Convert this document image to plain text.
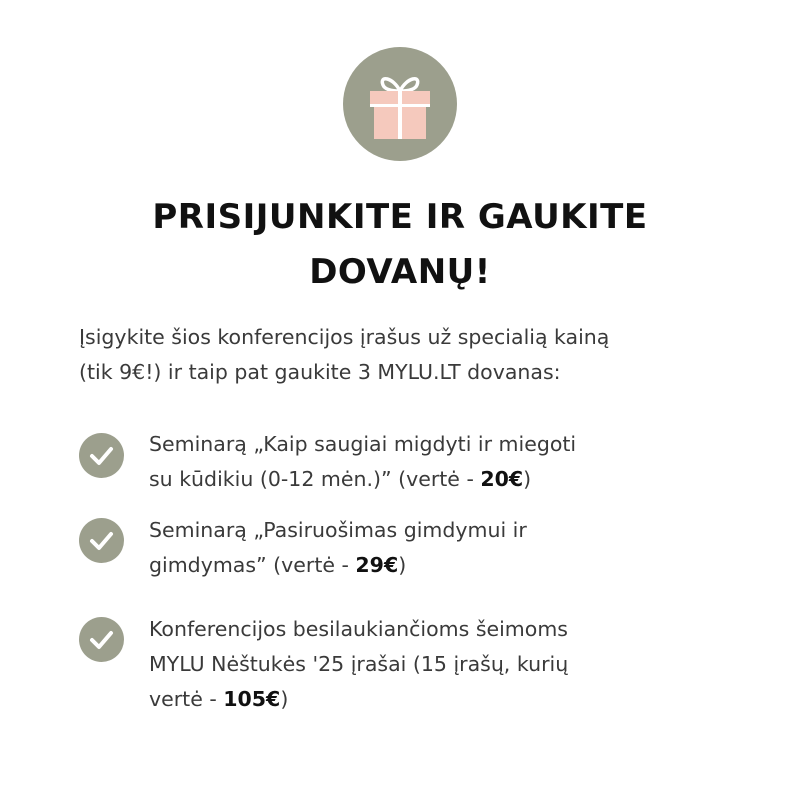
PRISIJUNKITE IR GAUKITE
DOVANŲ!

Įsigykite šios konferencijos įrašus už specialią kainą
(tik 9€!) ir taip pat gaukite 3 MYLU.LT dovanas:

Seminarą „Kaip saugiai migdyti ir miegoti
su kūdikiu (0-12 mėn.)” (vertė - 20€)
Seminarą „Pasiruošimas gimdymui ir
gimdymas” (vertė - 29€)
Konferencijos besilaukiančioms šeimoms
MYLU Nėštukės '25 įrašai (15 įrašų, kurių
vertė - 105€)
